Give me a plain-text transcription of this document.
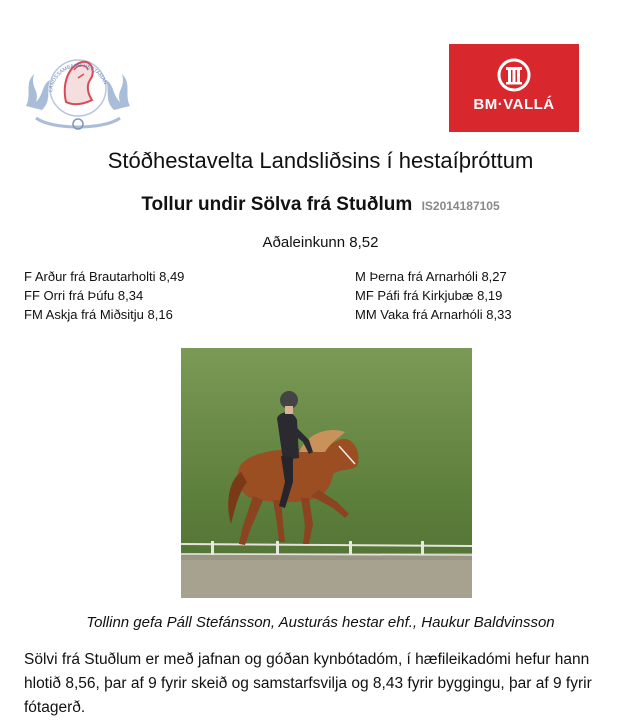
LANDSSAMBAND HESTAMAN
BM·VALLÁ
Stóðhestavelta Landsliðsins í hestaíþróttum
Tollur undir Sölva frá Stuðlum IS2014187105
Aðaleinkunn 8,52
F Arður frá Brautarholti 8,49
FF Orri frá Þúfu 8,34
FM Askja frá Miðsitju 8,16
M Þerna frá Arnarhóli 8,27
MF Páfi frá Kirkjubæ 8,19
MM Vaka frá Arnarhóli 8,33
Tollinn gefa Páll Stefánsson, Austurás hestar ehf., Haukur Baldvinsson
Sölvi frá Stuðlum er með jafnan og góðan kynbótadóm, í hæfileikadómi hefur hann hlotið 8,56, þar af 9 fyrir skeið og samstarfsvilja og 8,43 fyrir byggingu, þar af 9 fyrir fótagerð.
